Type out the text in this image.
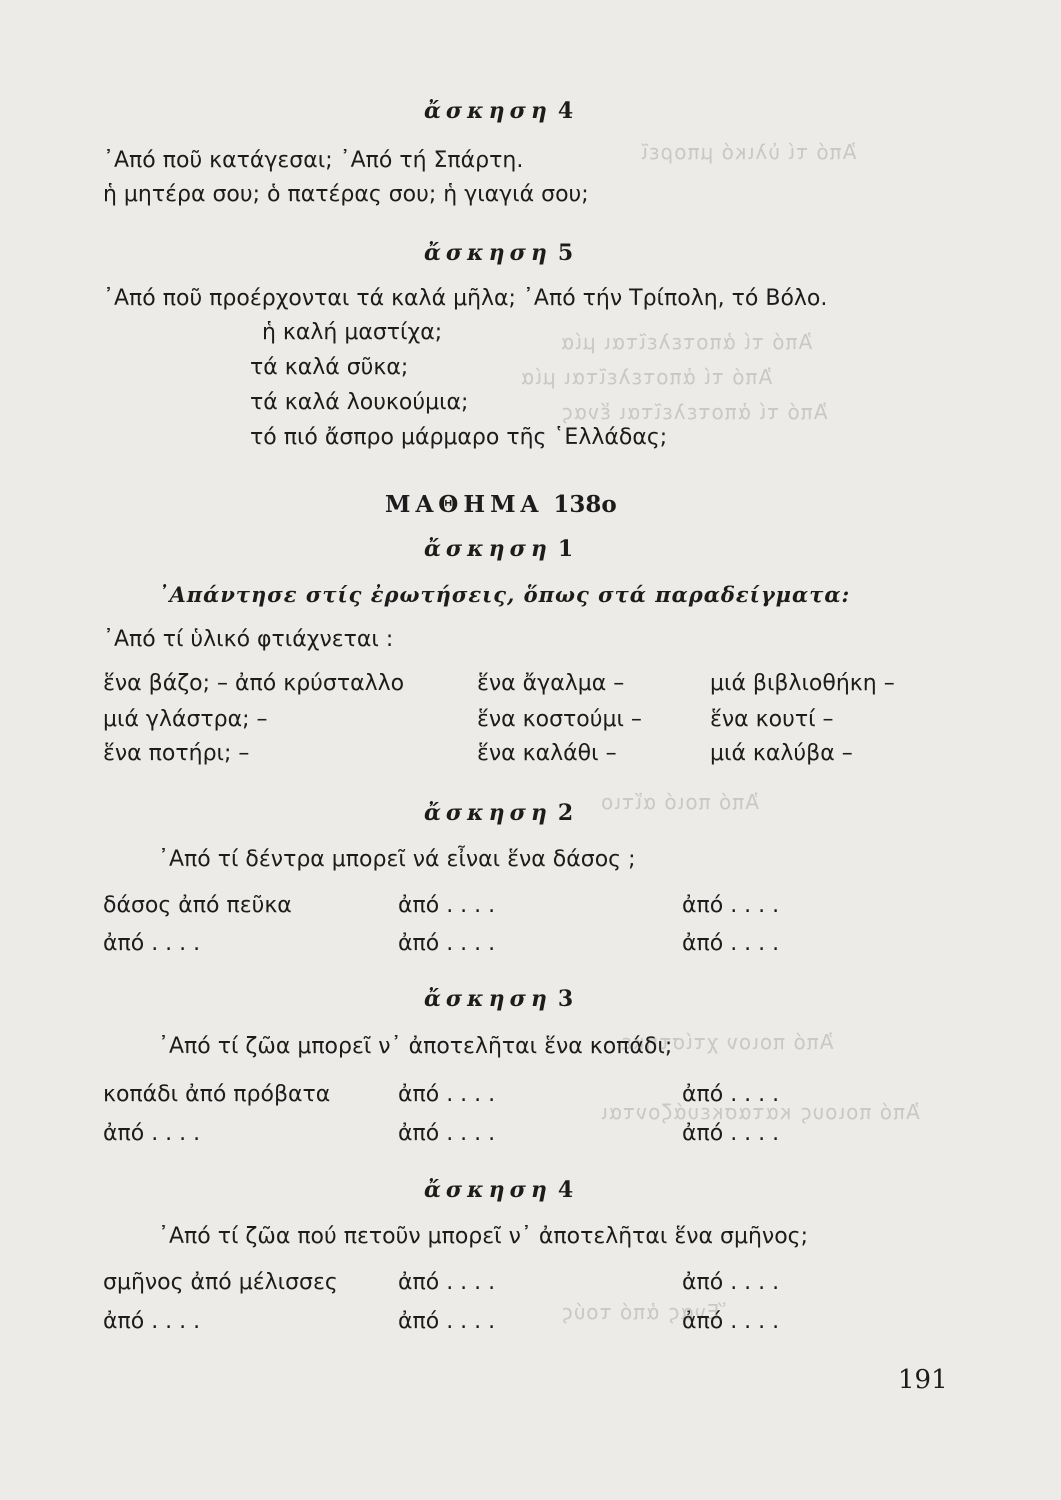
Ἀπό τί ὑλικό μπορεῖ
Ἀπό τί ἀποτελεῖται μία
Ἀπό τί ἀποτελεῖται μία
Ἀπό τί ἀποτελεῖται ἕνας
Ἀπό ποιό αἴτιο
Ἀπό ποιον χτίστηκε
Ἀπό ποιους κατασκευάζονται
Ἕνας ἀπό τούς
ἄσκηση 4
᾿Από ποῦ κατάγεσαι; ᾿Από τή Σπάρτη.
ἡ μητέρα σου; ὁ πατέρας σου; ἡ γιαγιά σου;
ἄσκηση 5
᾿Από ποῦ προέρχονται τά καλά μῆλα; ᾿Από τήν Τρίπολη, τό Βόλο.
ἡ καλή μαστίχα;
τά καλά σῦκα;
τά καλά λουκούμια;
τό πιό ἄσπρο μάρμαρο τῆς ῾Ελλάδας;
ΜΑΘΗΜΑ 138ο
ἄσκηση 1
᾿Απάντησε στίς ἐρωτήσεις, ὅπως στά παραδείγματα:
᾿Από τί ὑλικό φτιάχνεται :
ἕνα βάζο; – ἀπό κρύσταλλο	ἕνα ἄγαλμα –	μιά βιβλιοθήκη –
μιά γλάστρα; –	ἕνα κοστούμι –	ἕνα κουτί –
ἕνα ποτήρι; –	ἕνα καλάθι –	μιά καλύβα –
ἄσκηση 2
᾿Από τί δέντρα μπορεῖ νά εἶναι ἕνα δάσος ;
δάσος ἀπό πεῦκα	ἀπό . . . .	ἀπό . . . .
ἀπό . . . .	ἀπό . . . .	ἀπό . . . .
ἄσκηση 3
᾿Από τί ζῶα μπορεῖ ν᾿ ἀποτελῆται ἕνα κοπάδι;
κοπάδι ἀπό πρόβατα	ἀπό . . . .	ἀπό . . . .
ἀπό . . . .	ἀπό . . . .	ἀπό . . . .
ἄσκηση 4
᾿Από τί ζῶα πού πετοῦν μπορεῖ ν᾿ ἀποτελῆται ἕνα σμῆνος;
σμῆνος ἀπό μέλισσες	ἀπό . . . .	ἀπό . . . .
ἀπό . . . .	ἀπό . . . .	ἀπό . . . .
191
